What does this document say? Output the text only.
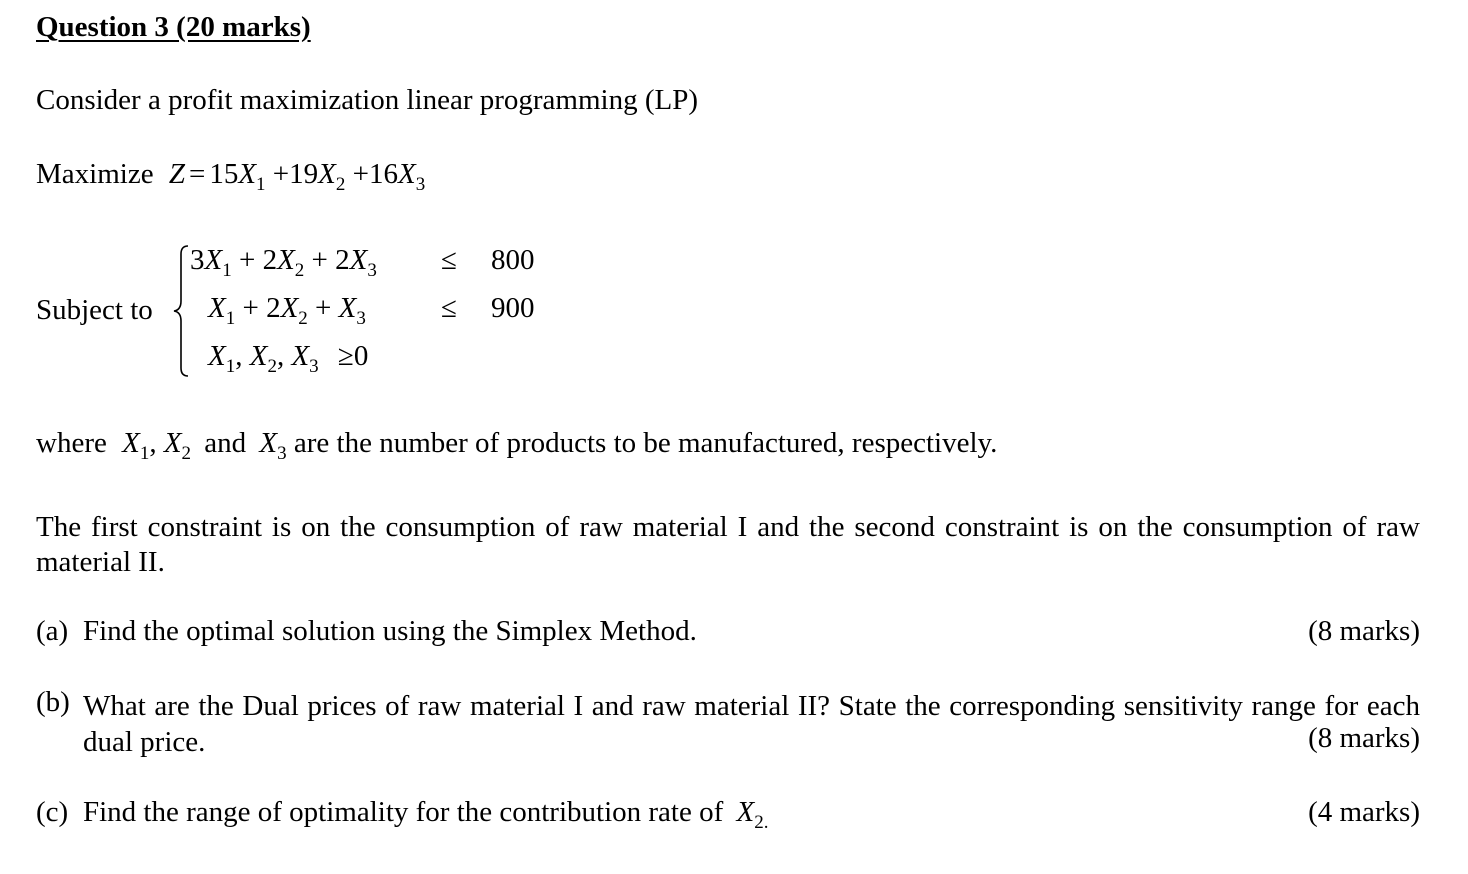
Question 3 (20 marks)
Consider a profit maximization linear programming (LP)
Maximize $Z = 15X_1 +19X_2 +16X_3$
Subject to
$3X_1 + 2X_2 + 2X_3 \le 800$
$X_1 + 2X_2 + X_3$	≤ 900
$X_1$, $X_2$, $X_3 \ge 0$
where $X_1$, $X_2$ and $X_3$ are the number of products to be manufactured, respectively.
The first constraint is on the consumption of raw material I and the second constraint is on the consumption of raw material II.
(a) Find the optimal solution using the Simplex Method.	(8 marks)
(b) What are the Dual prices of raw material I and raw material II? State the corresponding sensitivity range for each dual price.	(8 marks)
(c) Find the range of optimality for the contribution rate of $X_{2.}$	(4 marks)
